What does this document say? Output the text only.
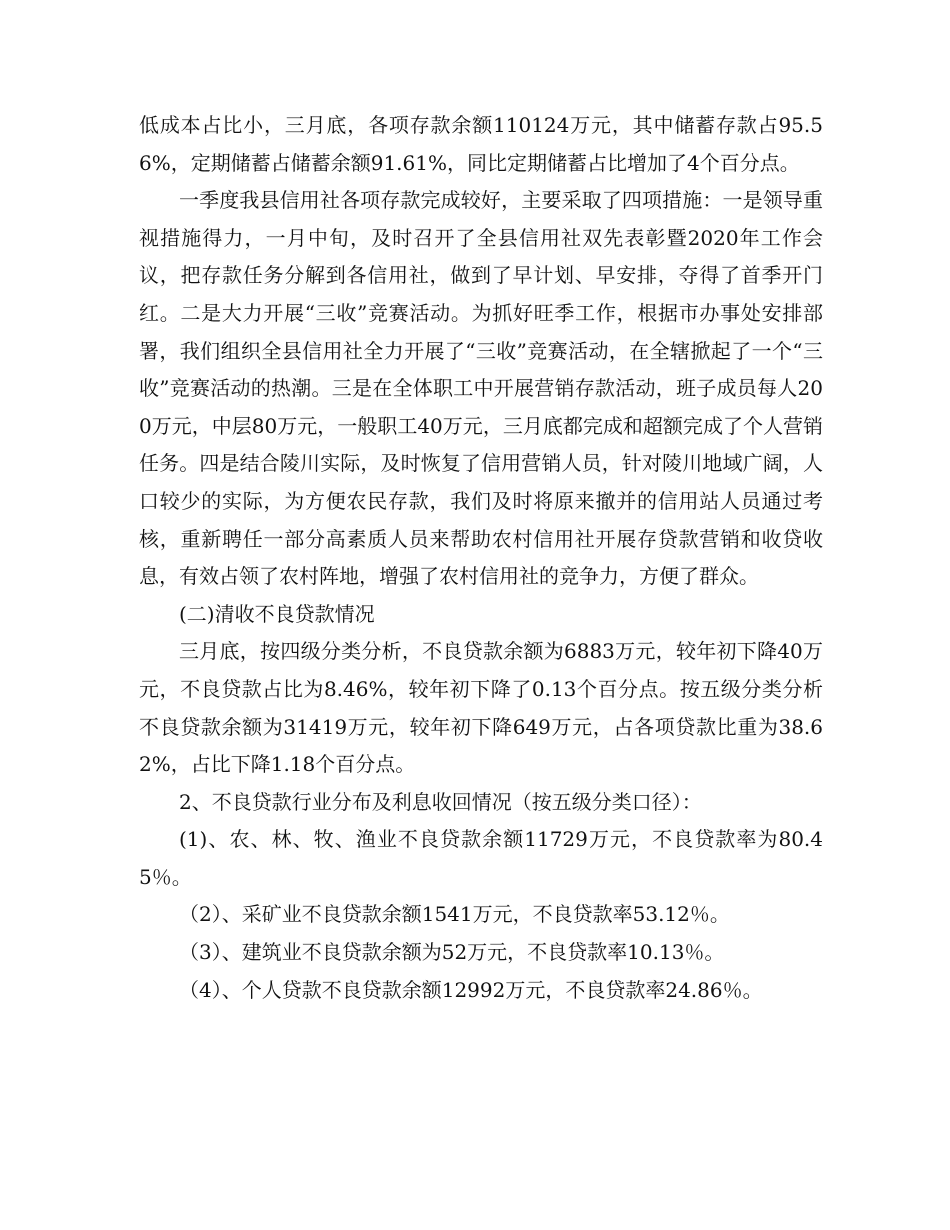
低成本占比小，三月底，各项存款余额110124万元，其中储蓄存款占95.56%，定期储蓄占储蓄余额91.61%，同比定期储蓄占比增加了4个百分点。

一季度我县信用社各项存款完成较好，主要采取了四项措施：一是领导重视措施得力，一月中旬，及时召开了全县信用社双先表彰暨2020年工作会议，把存款任务分解到各信用社，做到了早计划、早安排，夺得了首季开门红。二是大力开展“三收”竞赛活动。为抓好旺季工作，根据市办事处安排部署，我们组织全县信用社全力开展了“三收”竞赛活动，在全辖掀起了一个“三收”竞赛活动的热潮。三是在全体职工中开展营销存款活动，班子成员每人200万元，中层80万元，一般职工40万元，三月底都完成和超额完成了个人营销任务。四是结合陵川实际，及时恢复了信用营销人员，针对陵川地域广阔，人口较少的实际，为方便农民存款，我们及时将原来撤并的信用站人员通过考核，重新聘任一部分高素质人员来帮助农村信用社开展存贷款营销和收贷收息，有效占领了农村阵地，增强了农村信用社的竞争力，方便了群众。

(二)清收不良贷款情况

三月底，按四级分类分析，不良贷款余额为6883万元，较年初下降40万元，不良贷款占比为8.46%，较年初下降了0.13个百分点。按五级分类分析不良贷款余额为31419万元，较年初下降649万元，占各项贷款比重为38.62%，占比下降1.18个百分点。

2、不良贷款行业分布及利息收回情况（按五级分类口径）：

(1)、农、林、牧、渔业不良贷款余额11729万元，不良贷款率为80.45％。

（2）、采矿业不良贷款余额1541万元，不良贷款率53.12％。

（3）、建筑业不良贷款余额为52万元，不良贷款率10.13％。

（4）、个人贷款不良贷款余额12992万元，不良贷款率24.86％。
